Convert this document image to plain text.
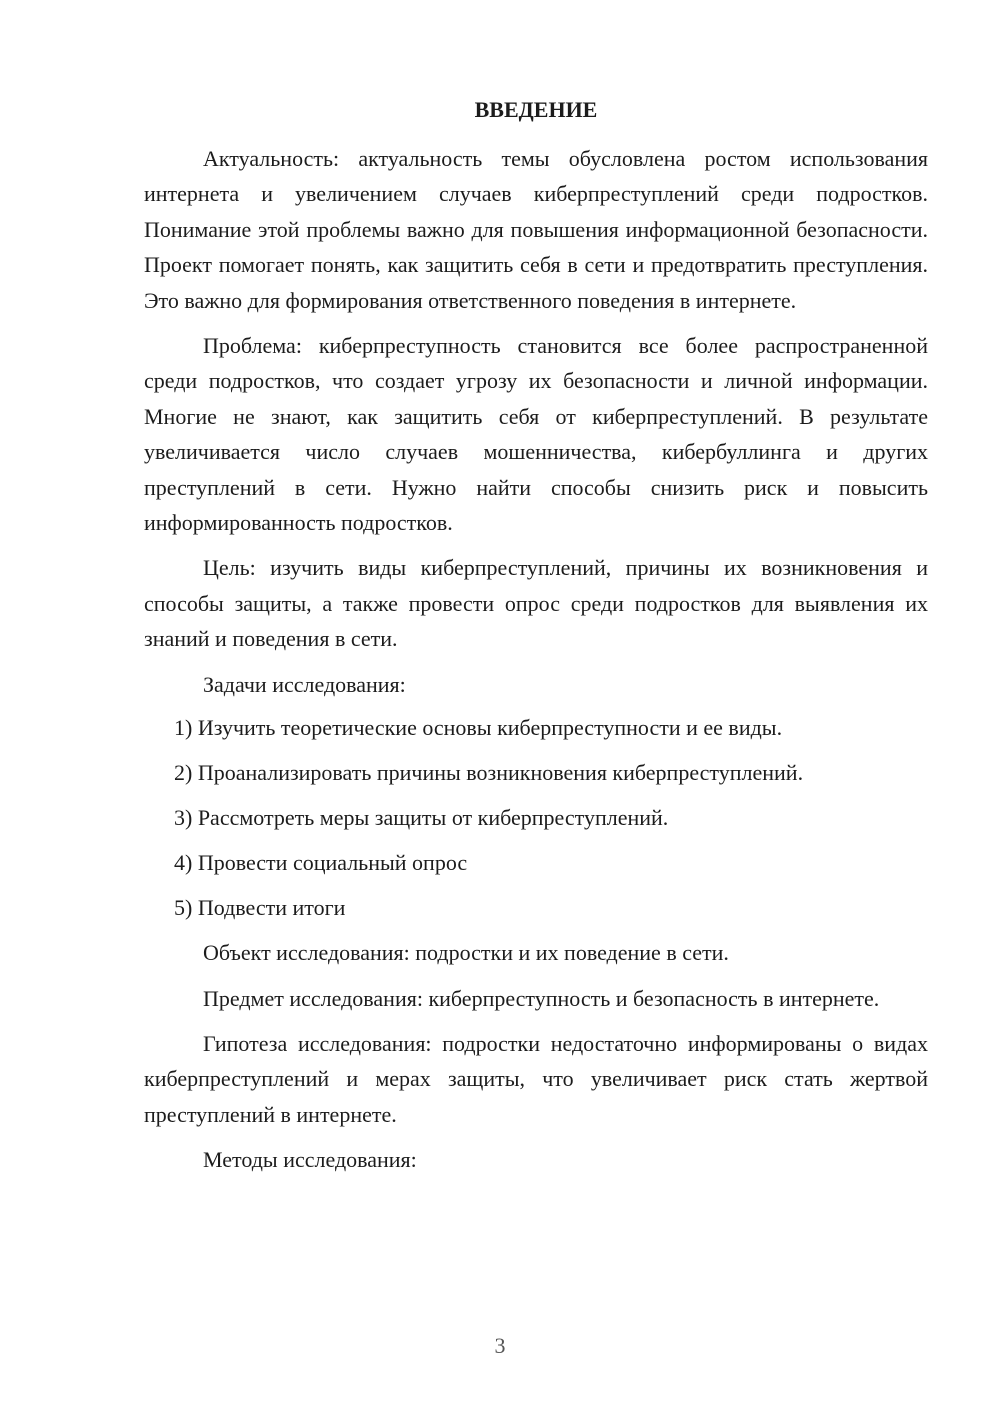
ВВЕДЕНИЕ

Актуальность: актуальность темы обусловлена ростом использования интернета и увеличением случаев киберпреступлений среди подростков. Понимание этой проблемы важно для повышения информационной безопасности. Проект помогает понять, как защитить себя в сети и предотвратить преступления. Это важно для формирования ответственного поведения в интернете.

Проблема: киберпреступность становится все более распространенной среди подростков, что создает угрозу их безопасности и личной информации. Многие не знают, как защитить себя от киберпреступлений. В результате увеличивается число случаев мошенничества, кибербуллинга и других преступлений в сети. Нужно найти способы снизить риск и повысить информированность подростков.

Цель: изучить виды киберпреступлений, причины их возникновения и способы защиты, а также провести опрос среди подростков для выявления их знаний и поведения в сети.

Задачи исследования:

1) Изучить теоретические основы киберпреступности и ее виды.
2) Проанализировать причины возникновения киберпреступлений.
3) Рассмотреть меры защиты от киберпреступлений.
4) Провести социальный опрос
5) Подвести итоги

Объект исследования: подростки и их поведение в сети.

Предмет исследования: киберпреступность и безопасность в интернете.

Гипотеза исследования: подростки недостаточно информированы о видах киберпреступлений и мерах защиты, что увеличивает риск стать жертвой преступлений в интернете.

Методы исследования:

3
